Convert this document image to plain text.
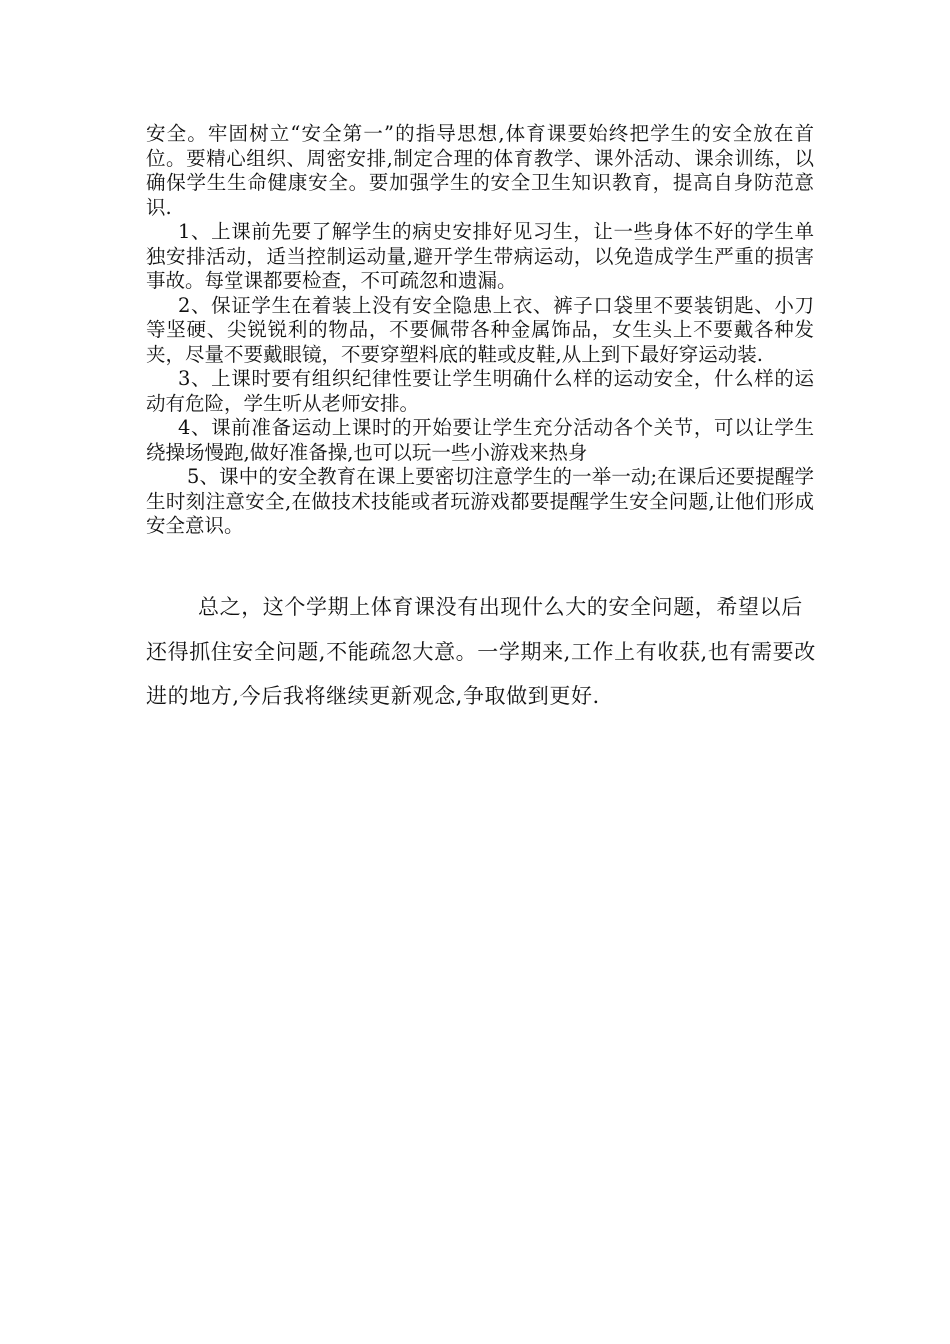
安全。牢固树立“安全第一”的指导思想,体育课要始终把学生的安全放在首位。要精心组织、周密安排,制定合理的体育教学、课外活动、课余训练，以确保学生生命健康安全。要加强学生的安全卫生知识教育，提高自身防范意识.

1、上课前先要了解学生的病史安排好见习生，让一些身体不好的学生单独安排活动，适当控制运动量,避开学生带病运动，以免造成学生严重的损害事故。每堂课都要检查，不可疏忽和遗漏。

2、保证学生在着装上没有安全隐患上衣、裤子口袋里不要装钥匙、小刀等坚硬、尖锐锐利的物品，不要佩带各种金属饰品，女生头上不要戴各种发夹，尽量不要戴眼镜，不要穿塑料底的鞋或皮鞋,从上到下最好穿运动装.

3、上课时要有组织纪律性要让学生明确什么样的运动安全，什么样的运动有危险，学生听从老师安排。

4、课前准备运动上课时的开始要让学生充分活动各个关节，可以让学生绕操场慢跑,做好准备操,也可以玩一些小游戏来热身

5、课中的安全教育在课上要密切注意学生的一举一动;在课后还要提醒学生时刻注意安全,在做技术技能或者玩游戏都要提醒学生安全问题,让他们形成安全意识。

总之，这个学期上体育课没有出现什么大的安全问题，希望以后还得抓住安全问题,不能疏忽大意。一学期来,工作上有收获,也有需要改进的地方,今后我将继续更新观念,争取做到更好.
